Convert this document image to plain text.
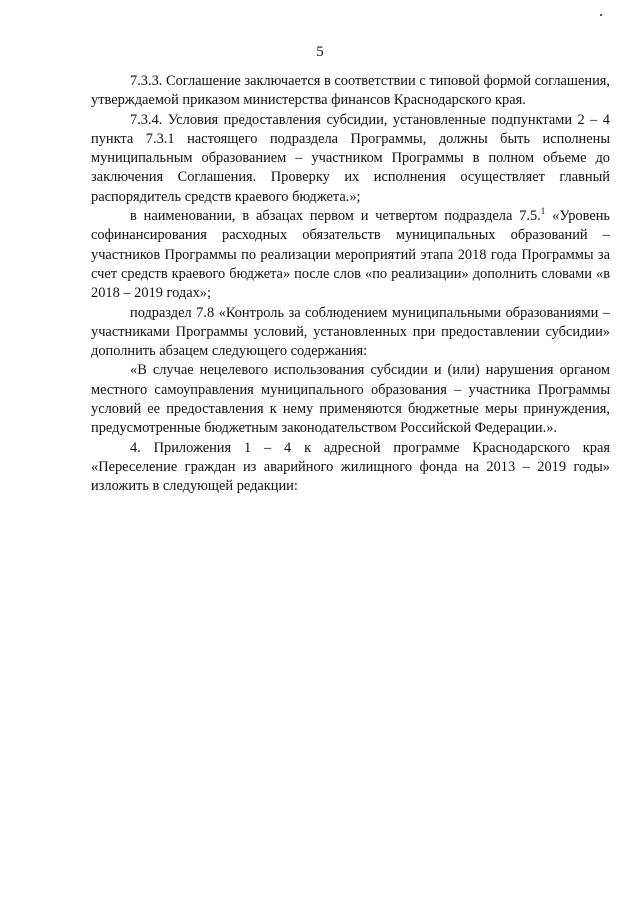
5

7.3.3. Соглашение заключается в соответствии с типовой формой соглашения, утверждаемой приказом министерства финансов Краснодарского края.

7.3.4. Условия предоставления субсидии, установленные подпунктами 2 – 4 пункта 7.3.1 настоящего подраздела Программы, должны быть исполнены муниципальным образованием – участником Программы в полном объеме до заключения Соглашения. Проверку их исполнения осуществляет главный распорядитель средств краевого бюджета.»;

в наименовании, в абзацах первом и четвертом подраздела 7.5.$^1$ «Уровень софинансирования расходных обязательств муниципальных образований – участников Программы по реализации мероприятий этапа 2018 года Программы за счет средств краевого бюджета» после слов «по реализации» дополнить словами «в 2018 – 2019 годах»;

подраздел 7.8 «Контроль за соблюдением муниципальными образованиями – участниками Программы условий, установленных при предоставлении субсидии» дополнить абзацем следующего содержания:

«В случае нецелевого использования субсидии и (или) нарушения органом местного самоуправления муниципального образования – участника Программы условий ее предоставления к нему применяются бюджетные меры принуждения, предусмотренные бюджетным законодательством Российской Федерации.».

4. Приложения 1 – 4 к адресной программе Краснодарского края «Переселение граждан из аварийного жилищного фонда на 2013 – 2019 годы» изложить в следующей редакции:
